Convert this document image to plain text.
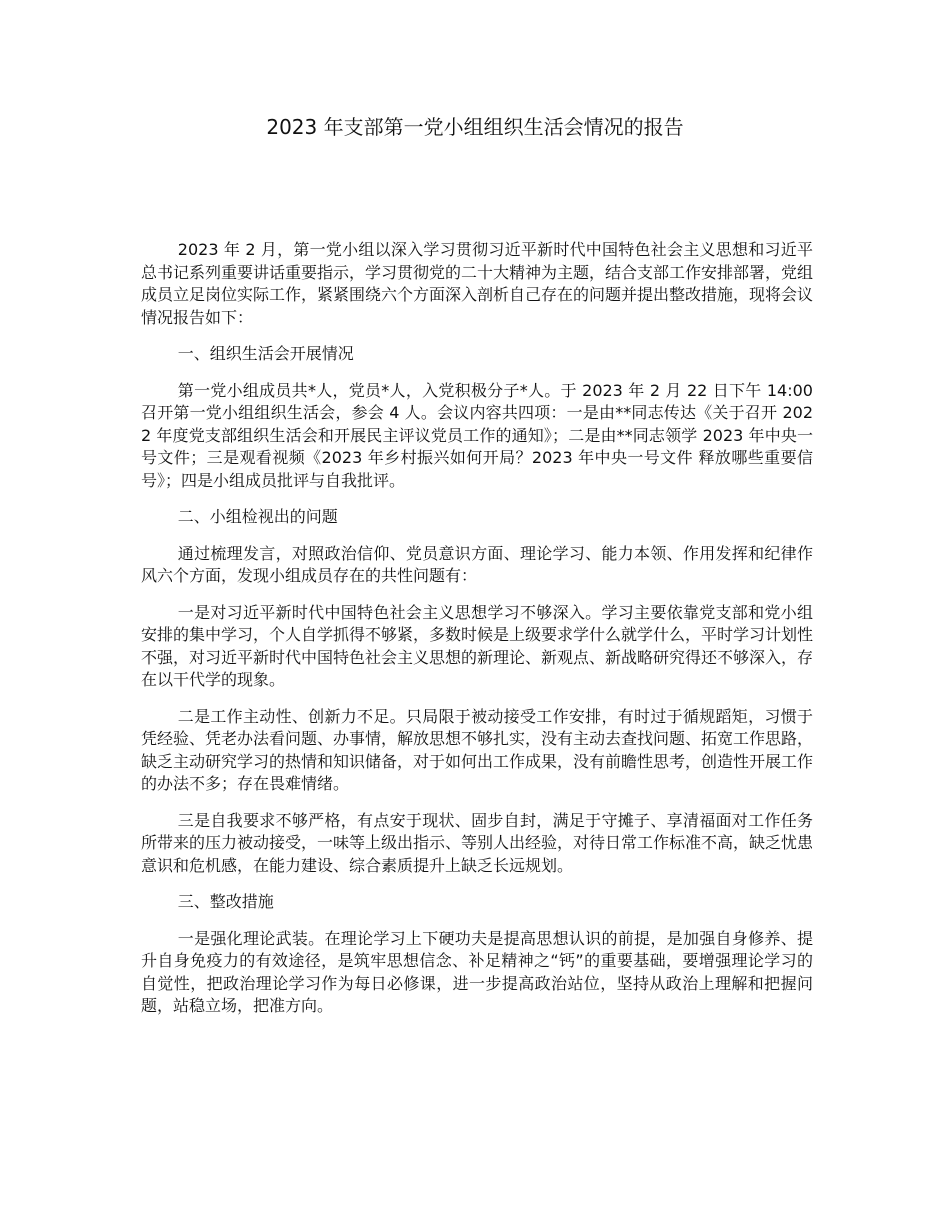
2023 年支部第一党小组组织生活会情况的报告

2023 年 2 月，第一党小组以深入学习贯彻习近平新时代中国特色社会主义思想和习近平总书记系列重要讲话重要指示，学习贯彻党的二十大精神为主题，结合支部工作安排部署，党组成员立足岗位实际工作，紧紧围绕六个方面深入剖析自己存在的问题并提出整改措施，现将会议情况报告如下：

一、组织生活会开展情况

第一党小组成员共*人，党员*人，入党积极分子*人。于 2023 年 2 月 22 日下午 14:00 召开第一党小组组织生活会，参会 4 人。会议内容共四项：一是由**同志传达《关于召开 2022 年度党支部组织生活会和开展民主评议党员工作的通知》；二是由**同志领学 2023 年中央一号文件；三是观看视频《2023 年乡村振兴如何开局？2023 年中央一号文件 释放哪些重要信号》；四是小组成员批评与自我批评。

二、小组检视出的问题

通过梳理发言，对照政治信仰、党员意识方面、理论学习、能力本领、作用发挥和纪律作风六个方面，发现小组成员存在的共性问题有：

一是对习近平新时代中国特色社会主义思想学习不够深入。学习主要依靠党支部和党小组安排的集中学习，个人自学抓得不够紧，多数时候是上级要求学什么就学什么，平时学习计划性不强，对习近平新时代中国特色社会主义思想的新理论、新观点、新战略研究得还不够深入，存在以干代学的现象。

二是工作主动性、创新力不足。只局限于被动接受工作安排，有时过于循规蹈矩，习惯于凭经验、凭老办法看问题、办事情，解放思想不够扎实，没有主动去查找问题、拓宽工作思路，缺乏主动研究学习的热情和知识储备，对于如何出工作成果，没有前瞻性思考，创造性开展工作的办法不多；存在畏难情绪。

三是自我要求不够严格，有点安于现状、固步自封，满足于守摊子、享清福面对工作任务所带来的压力被动接受，一味等上级出指示、等别人出经验，对待日常工作标准不高，缺乏忧患意识和危机感，在能力建设、综合素质提升上缺乏长远规划。

三、整改措施

一是强化理论武装。在理论学习上下硬功夫是提高思想认识的前提，是加强自身修养、提升自身免疫力的有效途径，是筑牢思想信念、补足精神之“钙”的重要基础，要增强理论学习的自觉性，把政治理论学习作为每日必修课，进一步提高政治站位，坚持从政治上理解和把握问题，站稳立场，把准方向。
